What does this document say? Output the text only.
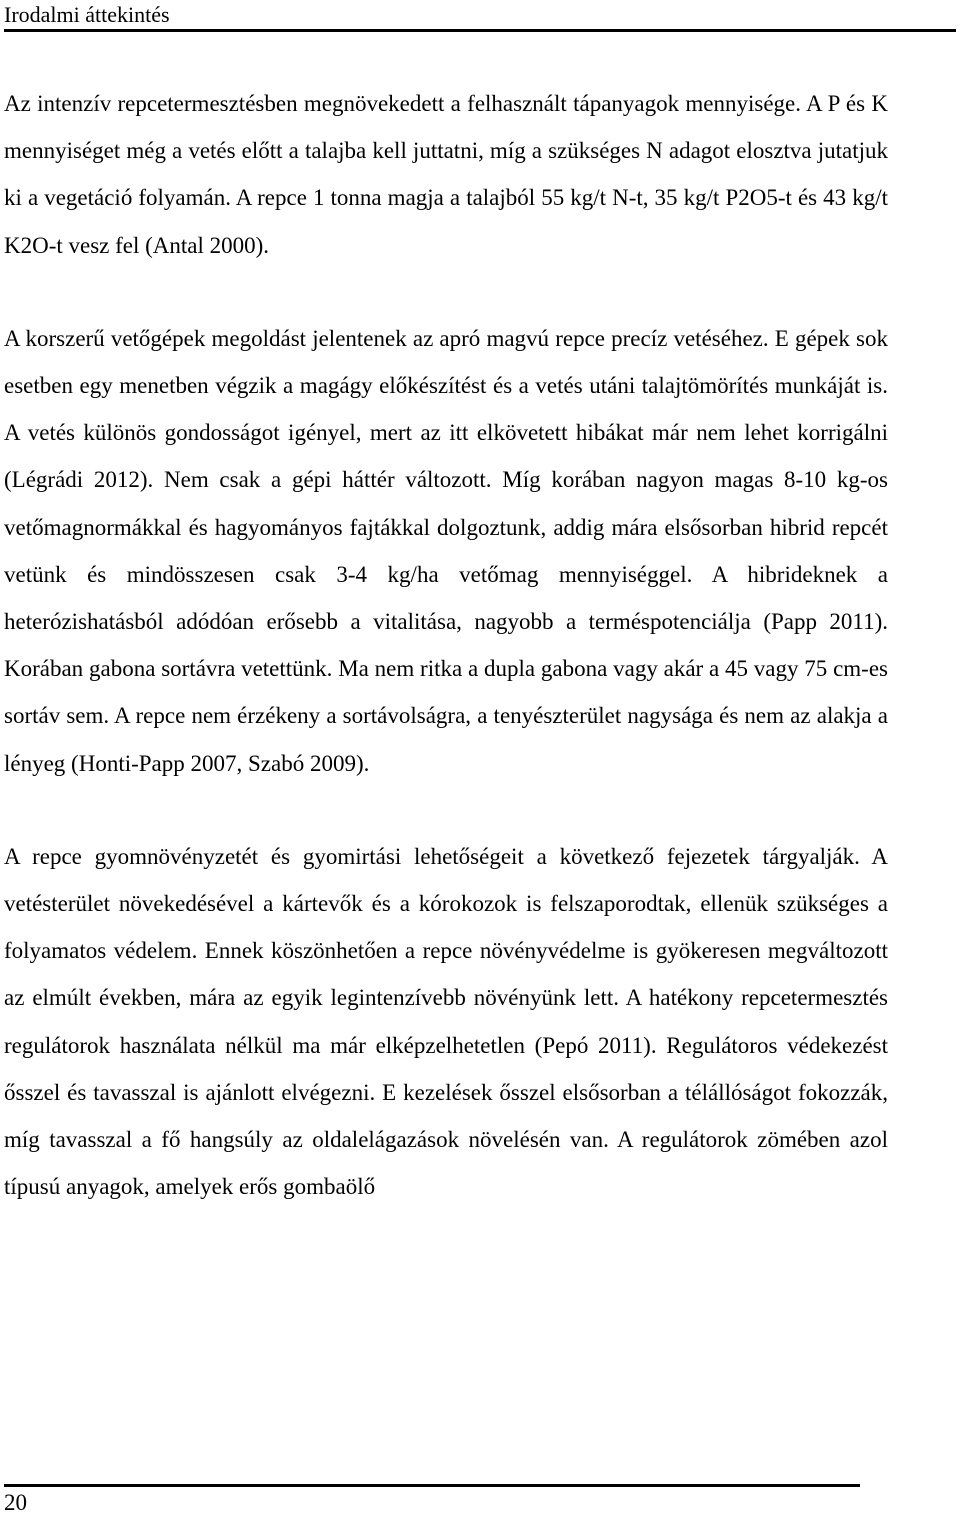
Irodalmi áttekintés

Az intenzív repcetermesztésben megnövekedett a felhasznált tápanyagok mennyisége. A P és K mennyiséget még a vetés előtt a talajba kell juttatni, míg a szükséges N adagot elosztva jutatjuk ki a vegetáció folyamán. A repce 1 tonna magja a talajból 55 kg/t N-t, 35 kg/t P2O5-t és 43 kg/t K2O-t vesz fel (Antal 2000).

A korszerű vetőgépek megoldást jelentenek az apró magvú repce precíz vetéséhez. E gépek sok esetben egy menetben végzik a magágy előkészítést és a vetés utáni talajtömörítés munkáját is. A vetés különös gondosságot igényel, mert az itt elkövetett hibákat már nem lehet korrigálni (Légrádi 2012). Nem csak a gépi háttér változott. Míg korában nagyon magas 8-10 kg-os vetőmagnormákkal és hagyományos fajtákkal dolgoztunk, addig mára elsősorban hibrid repcét vetünk és mindösszesen csak 3-4 kg/ha vetőmag mennyiséggel. A hibrideknek a heterózishatásból adódóan erősebb a vitalitása, nagyobb a terméspotenciálja (Papp 2011). Korában gabona sortávra vetettünk. Ma nem ritka a dupla gabona vagy akár a 45 vagy 75 cm-es sortáv sem. A repce nem érzékeny a sortávolságra, a tenyészterület nagysága és nem az alakja a lényeg (Honti-Papp 2007, Szabó 2009).

A repce gyomnövényzetét és gyomirtási lehetőségeit a következő fejezetek tárgyalják. A vetésterület növekedésével a kártevők és a kórokozok is felszaporodtak, ellenük szükséges a folyamatos védelem. Ennek köszönhetően a repce növényvédelme is gyökeresen megváltozott az elmúlt években, mára az egyik legintenzívebb növényünk lett. A hatékony repcetermesztés regulátorok használata nélkül ma már elképzelhetetlen (Pepó 2011). Regulátoros védekezést ősszel és tavasszal is ajánlott elvégezni. E kezelések ősszel elsősorban a télállóságot fokozzák, míg tavasszal a fő hangsúly az oldalelágazások növelésén van. A regulátorok zömében azol típusú anyagok, amelyek erős gombaölő

20
